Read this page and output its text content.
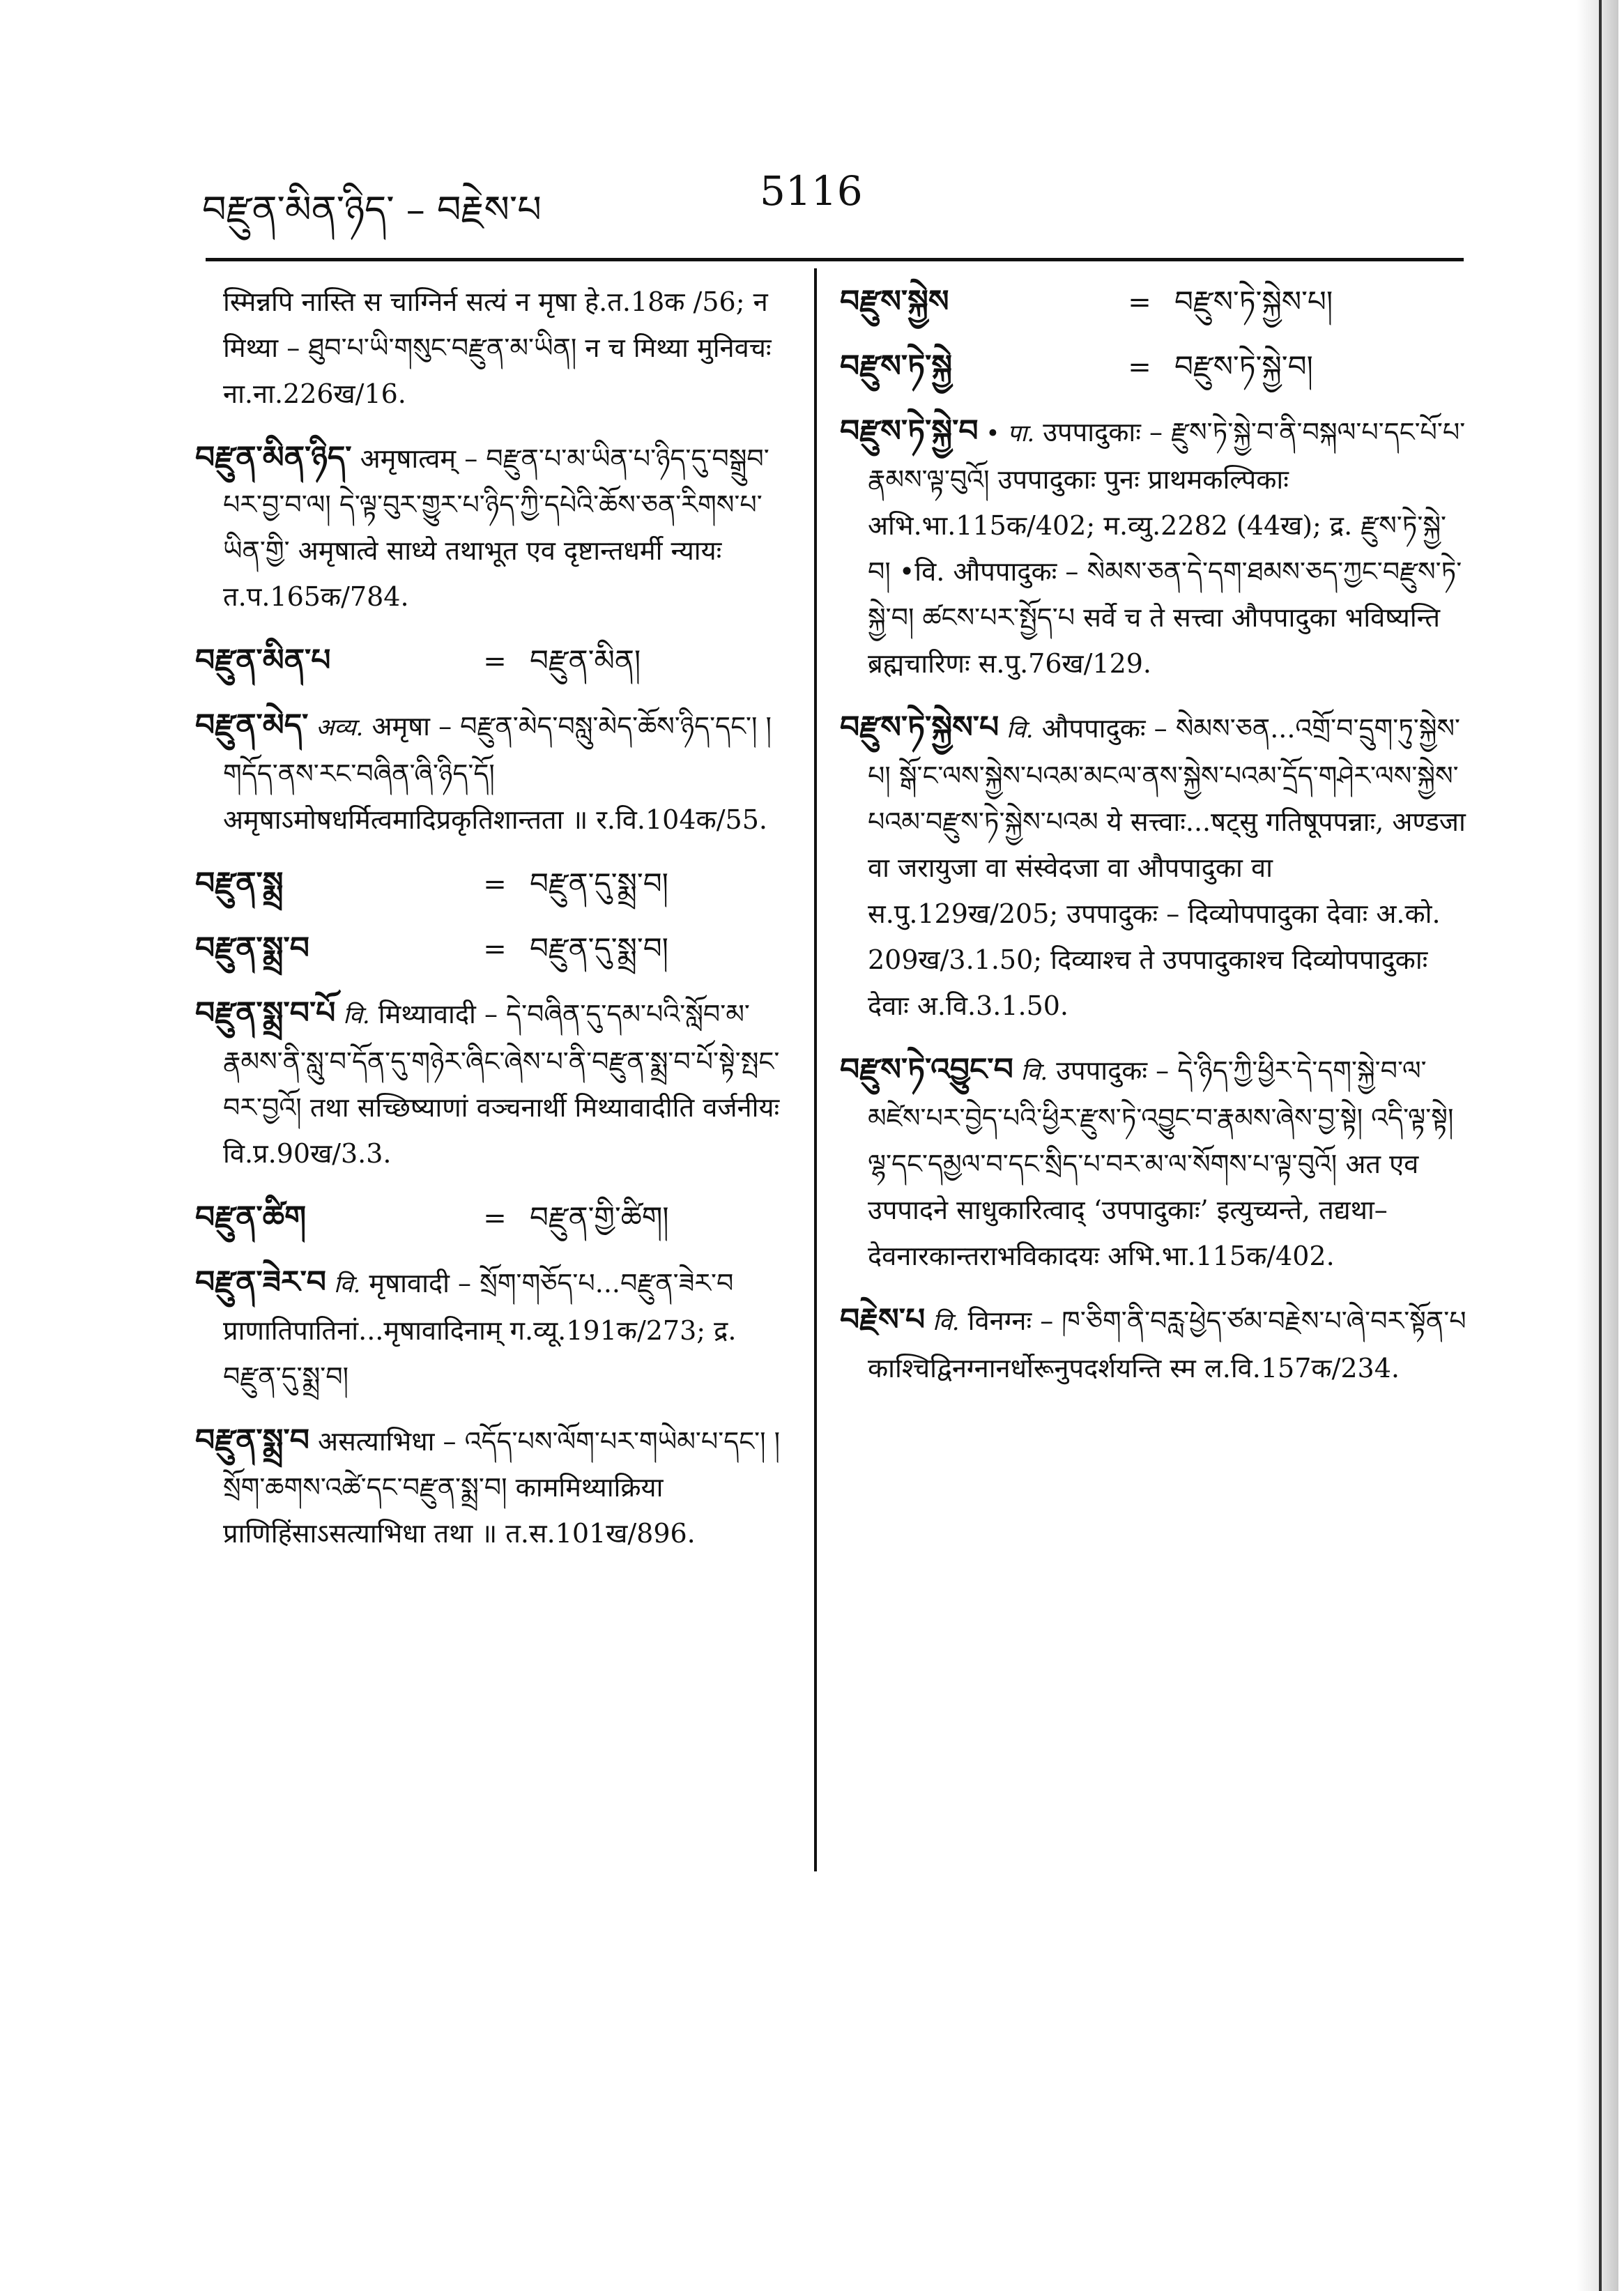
བརྫུན་མིན་ཉིད་ – བརྗེས་པ	5116
स्मिन्नपि नास्ति स चाग्निर्न सत्यं न मृषा हे.त.18क /56; न मिथ्या – ཐུབ་པ་ཡི་གསུང་བརྫུན་མ་ཡིན། न च मिथ्या मुनिवचः ना.ना.226ख/16.
བརྫུན་མིན་ཉིད་ अमृषात्वम् – བརྫུན་པ་མ་ཡིན་པ་ཉིད་དུ་བསྒྲུབ་པར་བྱ་བ་ལ། དེ་ལྟ་བུར་གྱུར་པ་ཉིད་ཀྱི་དཔེའི་ཆོས་ཅན་རིགས་པ་ཡིན་གྱི་ अमृषात्वे साध्ये तथाभूत एव दृष्टान्तधर्मी न्यायः त.प.165क/784.
བརྫུན་མིན་པ	= བརྫུན་མིན།
བརྫུན་མེད་ अव्य. अमृषा – བརྫུན་མེད་བསླུ་མེད་ཆོས་ཉིད་དང་། །གདོད་ནས་རང་བཞིན་ཞི་ཉིད་དོ། अमृषाऽमोषधर्मित्वमादिप्रकृतिशान्तता ॥ र.वि.104क/55.
བརྫུན་སྨྲ	= བརྫུན་དུ་སྨྲ་བ།
བརྫུན་སྨྲ་བ	= བརྫུན་དུ་སྨྲ་བ།
བརྫུན་སྨྲ་བ་པོ वि. मिथ्यावादी – དེ་བཞིན་དུ་དམ་པའི་སློབ་མ་རྣམས་ནི་སླུ་བ་དོན་དུ་གཉེར་ཞིང་ཞེས་པ་ནི་བརྫུན་སྨྲ་བ་པོ་སྟེ་སྤང་བར་བྱའོ། तथा सच्छिष्याणां वञ्चनार्थी मिथ्यावादीति वर्जनीयः वि.प्र.90ख/3.3.
བརྫུན་ཚིག	= བརྫུན་གྱི་ཚིག།
བརྫུན་ཟེར་བ वि. मृषावादी – སྲོག་གཅོད་པ...བརྫུན་ཟེར་བ प्राणातिपातिनां...मृषावादिनाम् ग.व्यू.191क/273; द्र. བརྫུན་དུ་སྨྲ་བ།
བརྫུན་སྨྲ་བ असत्याभिधा – འདོད་པས་ལོག་པར་གཡེམ་པ་དང་། །སྲོག་ཆགས་འཚེ་དང་བརྫུན་སྨྲ་བ། काममिथ्याक्रिया प्राणिहिंसाऽसत्याभिधा तथा ॥ त.स.101ख/896.
བརྫུས་སྐྱེས	= བརྫུས་ཏེ་སྐྱེས་པ།
བརྫུས་ཏེ་སྐྱེ	= བརྫུས་ཏེ་སྐྱེ་བ།
བརྫུས་ཏེ་སྐྱེ་བ • पा. उपपादुकाः – རྫུས་ཏེ་སྐྱེ་བ་ནི་བསྐལ་པ་དང་པོ་པ་རྣམས་ལྟ་བུའོ། उपपादुकाः पुनः प्राथमकल्पिकाः अभि.भा.115क/402; म.व्यु.2282 (44ख); द्र. རྫུས་ཏེ་སྐྱེ་བ། •वि. औपपादुकः – སེམས་ཅན་དེ་དག་ཐམས་ཅད་ཀྱང་བརྫུས་ཏེ་སྐྱེ་བ། ཚངས་པར་སྤྱོད་པ सर्वे च ते सत्त्वा औपपादुका भविष्यन्ति ब्रह्मचारिणः स.पु.76ख/129.
བརྫུས་ཏེ་སྐྱེས་པ वि. औपपादुकः – སེམས་ཅན...འགྲོ་བ་དྲུག་ཏུ་སྐྱེས་པ། སྒོ་ང་ལས་སྐྱེས་པའམ་མངལ་ནས་སྐྱེས་པའམ་དྲོད་གཤེར་ལས་སྐྱེས་པའམ་བརྫུས་ཏེ་སྐྱེས་པའམ ये सत्त्वाः...षट्सु गतिषूपपन्नाः, अण्डजा वा जरायुजा वा संस्वेदजा वा औपपादुका वा स.पु.129ख/205; उपपादुकः – दिव्योपपादुका देवाः अ.को. 209ख/3.1.50; दिव्याश्च ते उपपादुकाश्च दिव्योपपादुकाः देवाः अ.वि.3.1.50.
བརྫུས་ཏེ་འབྱུང་བ वि. उपपादुकः – དེ་ཉིད་ཀྱི་ཕྱིར་དེ་དག་སྐྱེ་བ་ལ་མཛེས་པར་བྱེད་པའི་ཕྱིར་རྫུས་ཏེ་འབྱུང་བ་རྣམས་ཞེས་བྱ་སྟེ། འདི་ལྟ་སྟེ། ལྷ་དང་དམྱལ་བ་དང་སྲིད་པ་བར་མ་ལ་སོགས་པ་ལྟ་བུའོ། अत एव उपपादने साधुकारित्वाद् ‘उपपादुकाः’ इत्युच्यन्ते, तद्यथा–देवनारकान्तराभविकादयः अभि.भा.115क/402.
བརྗེས་པ वि. विनग्नः – ཁ་ཅིག་ནི་བརླ་ཕྱེད་ཙམ་བརྗེས་པ་ཞེ་བར་སྟོན་པ काश्चिद्विनग्नानर्धोरूनुपदर्शयन्ति स्म ल.वि.157क/234.
